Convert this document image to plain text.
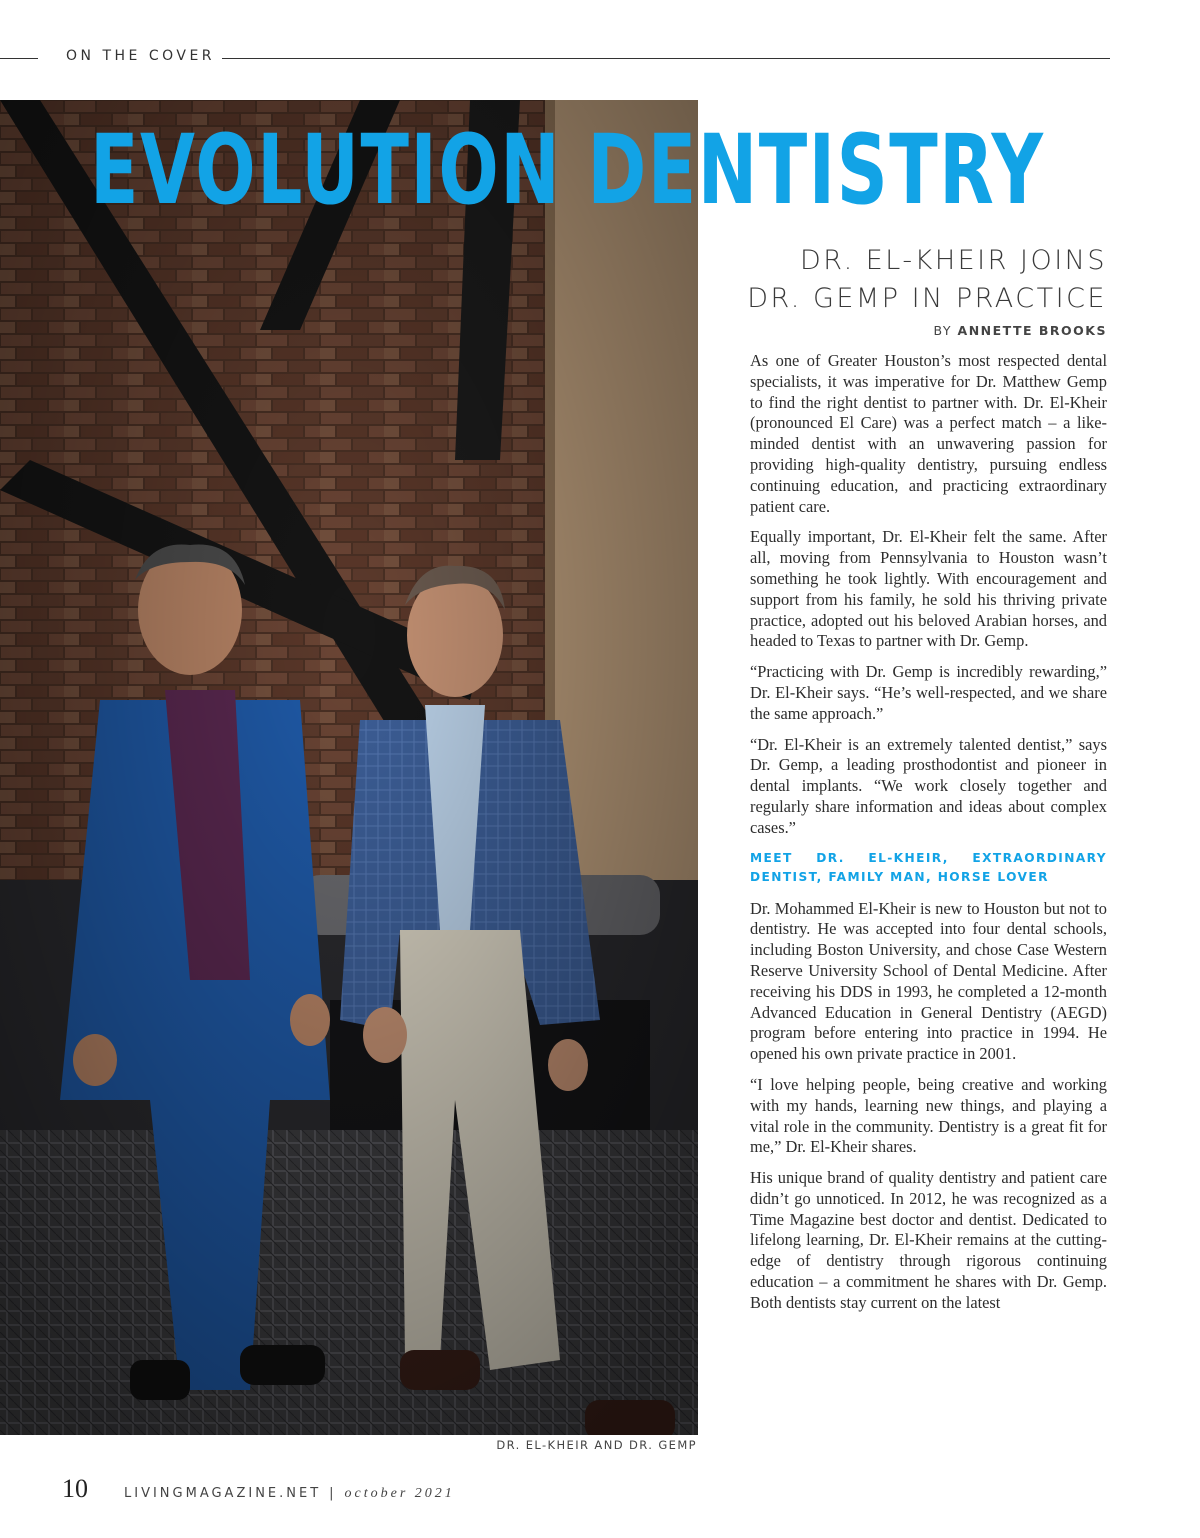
ON THE COVER
EVOLUTION DENTISTRY
DR. EL-KHEIR JOINS
DR. GEMP IN PRACTICE
BY ANNETTE BROOKS

As one of Greater Houston’s most respected dental specialists, it was imperative for Dr. Matthew Gemp to find the right dentist to partner with. Dr. El-Kheir (pronounced El Care) was a perfect match – a like-minded dentist with an unwavering passion for providing high-quality dentistry, pursuing endless continuing education, and practicing extraordinary patient care.

Equally important, Dr. El-Kheir felt the same. After all, moving from Pennsylvania to Houston wasn’t something he took lightly. With encouragement and support from his family, he sold his thriving private practice, adopted out his beloved Arabian horses, and headed to Texas to partner with Dr. Gemp.

“Practicing with Dr. Gemp is incredibly rewarding,” Dr. El-Kheir says. “He’s well-respected, and we share the same approach.”

“Dr. El-Kheir is an extremely talented dentist,” says Dr. Gemp, a leading prosthodontist and pioneer in dental implants. “We work closely together and regularly share information and ideas about complex cases.”

MEET DR. EL-KHEIR, EXTRAORDINARY DENTIST, FAMILY MAN, HORSE LOVER

Dr. Mohammed El-Kheir is new to Houston but not to dentistry. He was accepted into four dental schools, including Boston University, and chose Case Western Reserve University School of Dental Medicine. After receiving his DDS in 1993, he completed a 12-month Advanced Education in General Dentistry (AEGD) program before entering into practice in 1994. He opened his own private practice in 2001.

“I love helping people, being creative and working with my hands, learning new things, and playing a vital role in the community. Dentistry is a great fit for me,” Dr. El-Kheir shares.

His unique brand of quality dentistry and patient care didn’t go unnoticed. In 2012, he was recognized as a Time Magazine best doctor and dentist. Dedicated to lifelong learning, Dr. El-Kheir remains at the cutting-edge of dentistry through rigorous continuing education – a commitment he shares with Dr. Gemp. Both dentists stay current on the latest

DR. EL-KHEIR AND DR. GEMP
10	LIVINGMAGAZINE.NET | october 2021
